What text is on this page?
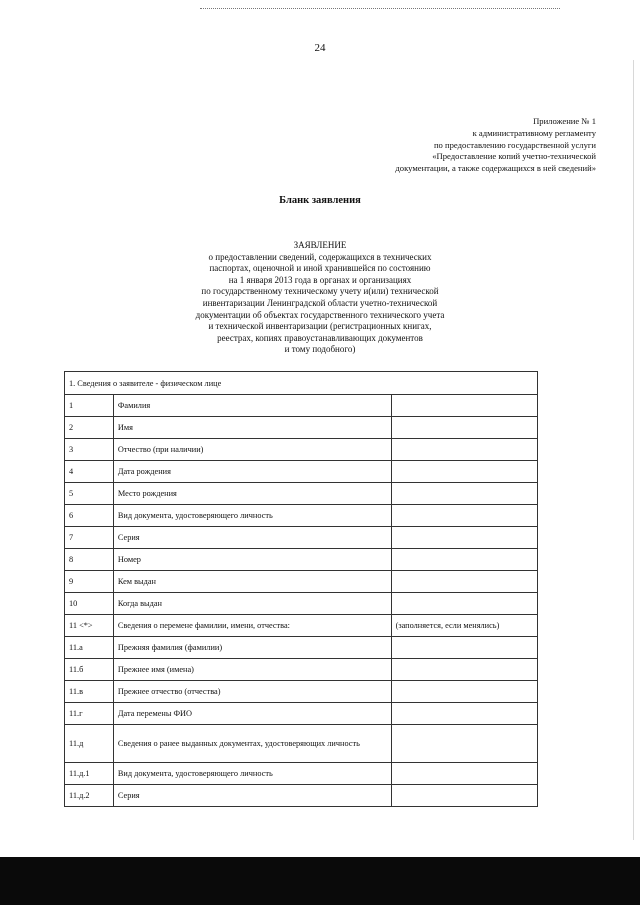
24
Приложение № 1
к административному регламенту
по предоставлению государственной услуги
«Предоставление копий учетно-технической
документации, а также содержащихся в ней сведений»
Бланк заявления
ЗАЯВЛЕНИЕ
о предоставлении сведений, содержащихся в технических
паспортах, оценочной и иной хранившейся по состоянию
на 1 января 2013 года в органах и организациях
по государственному техническому учету и(или) технической
инвентаризации Ленинградской области учетно-технической
документации об объектах государственного технического учета
и технической инвентаризации (регистрационных книгах,
реестрах, копиях правоустанавливающих документов
и тому подобного)
1. Сведения о заявителе - физическом лице		
1	Фамилия	
2	Имя	
3	Отчество (при наличии)	
4	Дата рождения	
5	Место рождения	
6	Вид документа, удостоверяющего личность	
7	Серия	
8	Номер	
9	Кем выдан	
10	Когда выдан	
11 <*>	Сведения о перемене фамилии, имени, отчества:	(заполняется, если менялись)
11.а	Прежняя фамилия (фамилии)	
11.б	Прежнее имя (имена)	
11.в	Прежнее отчество (отчества)	
11.г	Дата перемены ФИО	
11.д	Сведения о ранее выданных документах, удостоверяющих личность	
11.д.1	Вид документа, удостоверяющего личность	
11.д.2	Серия	
